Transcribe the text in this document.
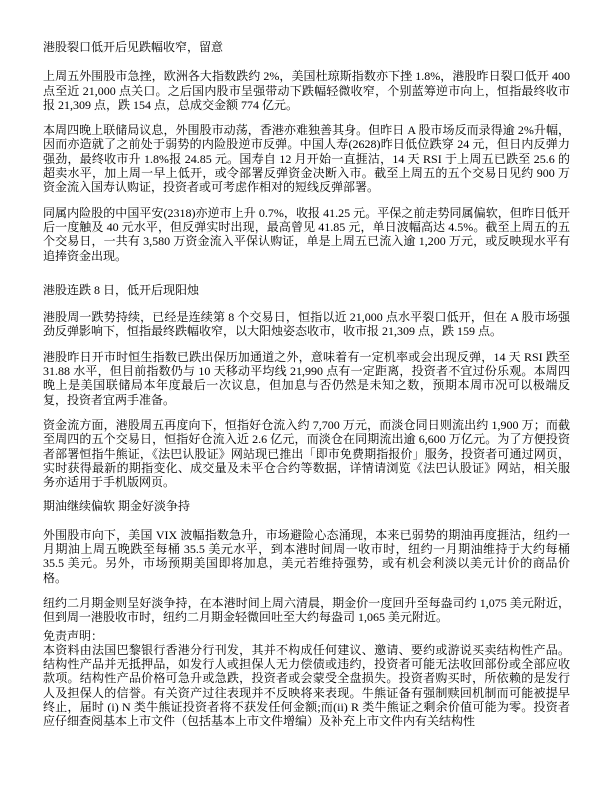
港股裂口低开后见跌幅收窄，留意

上周五外围股市急挫，欧洲各大指数跌约 2%，美国杜琼斯指数亦下挫 1.8%，港股昨日裂口低开 400 点至近 21,000 点关口。之后国内股市呈强带动下跌幅轻微收窄，个别蓝筹逆市向上，恒指最终收市报 21,309 点，跌 154 点，总成交金额 774 亿元。

本周四晚上联储局议息，外围股市动荡，香港亦难独善其身。但昨日 A 股市场反而录得逾 2%升幅，因而亦造就了之前处于弱势的内险股逆市反弹。中国人寿(2628)昨日低位跌穿 24 元，但日内反弹力强劲，最终收市升 1.8%报 24.85 元。国寿自 12 月开始一直捱沽，14 天 RSI 于上周五已跌至 25.6 的超卖水平，加上周一早上低开，或令部署反弹资金决断入市。截至上周五的五个交易日见约 900 万资金流入国寿认购证，投资者或可考虑作相对的短线反弹部署。

同属内险股的中国平安(2318)亦逆市上升 0.7%，收报 41.25 元。平保之前走势同属偏软，但昨日低开后一度触及 40 元水平，但反弹实时出现，最高曾见 41.85 元，单日波幅高达 4.5%。截至上周五的五个交易日，一共有 3,580 万资金流入平保认购证，单是上周五已流入逾 1,200 万元，或反映现水平有追捧资金出现。

港股连跌 8 日，低开后现阳烛

港股周一跌势持续，已经是连续第 8 个交易日，恒指以近 21,000 点水平裂口低开，但在 A 股市场强劲反弹影响下，恒指最终跌幅收窄，以大阳烛姿态收市，收市报 21,309 点，跌 159 点。

港股昨日开市时恒生指数已跌出保历加通道之外，意味着有一定机率或会出现反弹，14 天 RSI 跌至 31.88 水平，但目前指数仍与 10 天移动平均线 21,990 点有一定距离，投资者不宜过份乐观。本周四晚上是美国联储局本年度最后一次议息，但加息与否仍然是未知之数，预期本周市况可以极端反复，投资者宜两手准备。

资金流方面，港股周五再度向下，恒指好仓流入约 7,700 万元，而淡仓同日则流出约 1,900 万；而截至周四的五个交易日，恒指好仓流入近 2.6 亿元，而淡仓在同期流出逾 6,600 万亿元。为了方便投资者部署恒指牛熊证，《法巴认股证》网站现已推出「即市免费期指报价」服务，投资者可通过网页，实时获得最新的期指变化、成交量及未平仓合约等数据，详情请浏览《法巴认股证》网站，相关服务亦适用于手机版网页。

期油继续偏软 期金好淡争持

外围股市向下，美国 VIX 波幅指数急升，市场避险心态涌现，本来已弱势的期油再度捱沽，纽约一月期油上周五晚跌至每桶 35.5 美元水平，到本港时间周一收市时，纽约一月期油维持于大约每桶 35.5 美元。另外，市场预期美国即将加息，美元若维持强势，或有机会利淡以美元计价的商品价格。

纽约二月期金则呈好淡争持，在本港时间上周六清晨，期金价一度回升至每盎司约 1,075 美元附近，但到周一港股收市时，纽约二月期金轻微回吐至大约每盎司 1,065 美元附近。

免责声明：

本资料由法国巴黎银行香港分行刊发，其并不构成任何建议、邀请、要约或游说买卖结构性产品。结构性产品并无抵押品，如发行人或担保人无力偿债或违约，投资者可能无法收回部份或全部应收款项。结构性产品价格可急升或急跌，投资者或会蒙受全盘损失。投资者购买时，所依赖的是发行人及担保人的信誉。有关资产过往表现并不反映将来表现。牛熊证备有强制赎回机制而可能被提早终止，届时 (i) N 类牛熊证投资者将不获发任何金额;而(ii) R 类牛熊证之剩余价值可能为零。投资者应仔细查阅基本上市文件（包括基本上市文件增编）及补充上市文件内有关结构性
